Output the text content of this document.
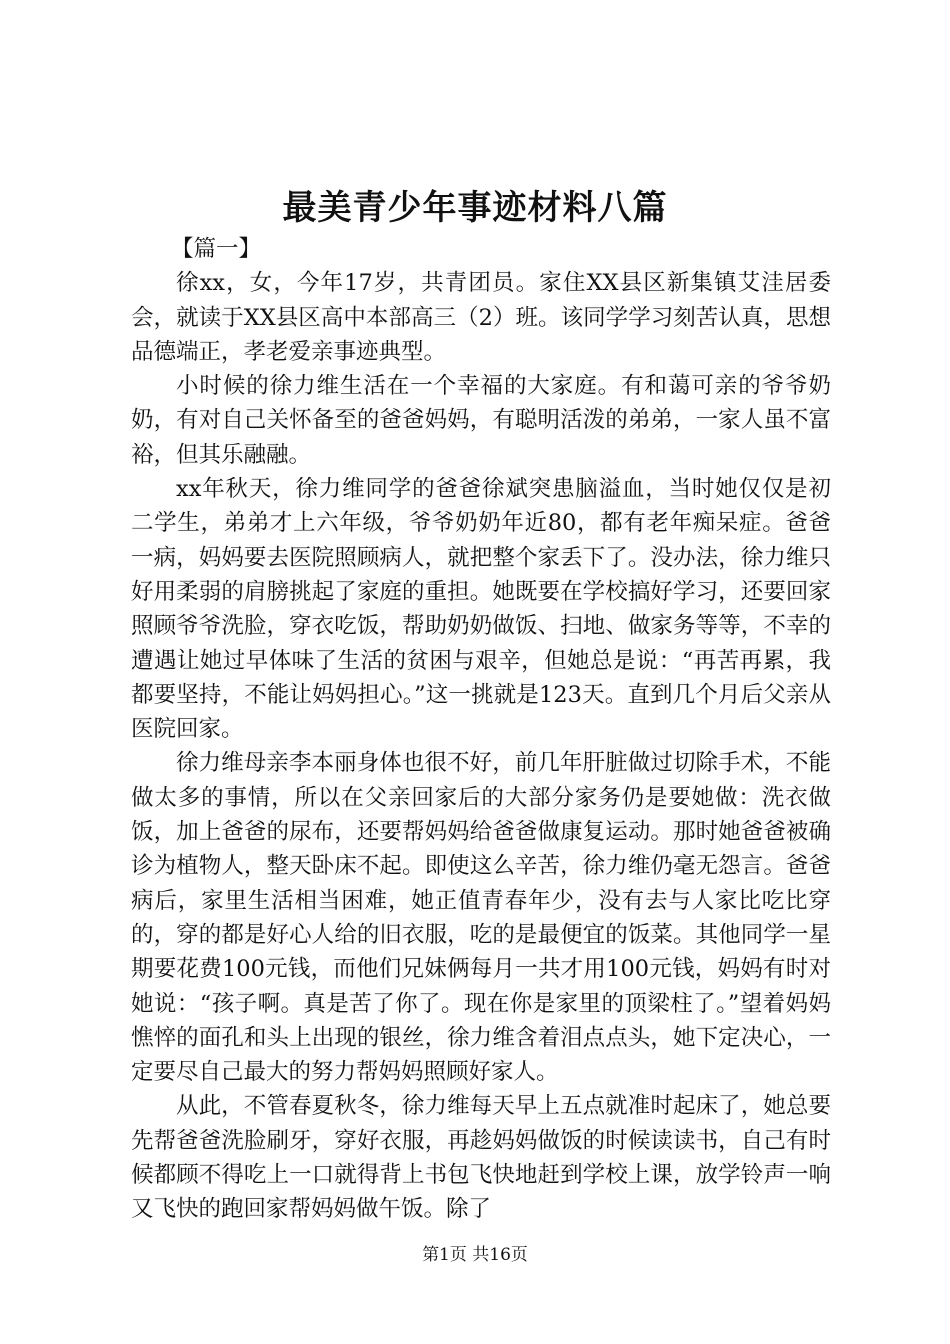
最美青少年事迹材料八篇

【篇一】

徐xx，女，今年17岁，共青团员。家住XX县区新集镇艾洼居委会，就读于XX县区高中本部高三（2）班。该同学学习刻苦认真，思想品德端正，孝老爱亲事迹典型。

小时候的徐力维生活在一个幸福的大家庭。有和蔼可亲的爷爷奶奶，有对自己关怀备至的爸爸妈妈，有聪明活泼的弟弟，一家人虽不富裕，但其乐融融。

xx年秋天，徐力维同学的爸爸徐斌突患脑溢血，当时她仅仅是初二学生，弟弟才上六年级，爷爷奶奶年近80，都有老年痴呆症。爸爸一病，妈妈要去医院照顾病人，就把整个家丢下了。没办法，徐力维只好用柔弱的肩膀挑起了家庭的重担。她既要在学校搞好学习，还要回家照顾爷爷洗脸，穿衣吃饭，帮助奶奶做饭、扫地、做家务等等，不幸的遭遇让她过早体味了生活的贫困与艰辛，但她总是说：“再苦再累，我都要坚持，不能让妈妈担心。”这一挑就是123天。直到几个月后父亲从医院回家。

徐力维母亲李本丽身体也很不好，前几年肝脏做过切除手术，不能做太多的事情，所以在父亲回家后的大部分家务仍是要她做：洗衣做饭，加上爸爸的尿布，还要帮妈妈给爸爸做康复运动。那时她爸爸被确诊为植物人，整天卧床不起。即使这么辛苦，徐力维仍毫无怨言。爸爸病后，家里生活相当困难，她正值青春年少，没有去与人家比吃比穿的，穿的都是好心人给的旧衣服，吃的是最便宜的饭菜。其他同学一星期要花费100元钱，而他们兄妹俩每月一共才用100元钱，妈妈有时对她说：“孩子啊。真是苦了你了。现在你是家里的顶梁柱了。”望着妈妈憔悴的面孔和头上出现的银丝，徐力维含着泪点点头，她下定决心，一定要尽自己最大的努力帮妈妈照顾好家人。

从此，不管春夏秋冬，徐力维每天早上五点就准时起床了，她总要先帮爸爸洗脸刷牙，穿好衣服，再趁妈妈做饭的时候读读书，自己有时候都顾不得吃上一口就得背上书包飞快地赶到学校上课，放学铃声一响又飞快的跑回家帮妈妈做午饭。除了

第1页 共16页
